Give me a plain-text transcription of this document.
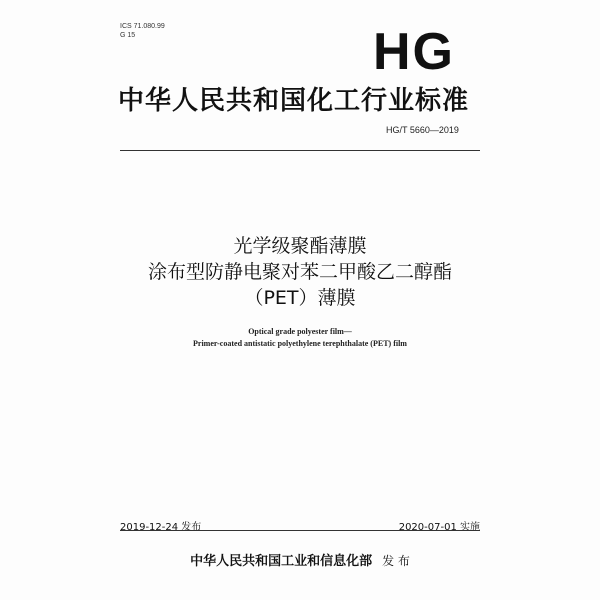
ICS 71.080.99
G 15	HG
中华人民共和国化工行业标准
HG/T 5660—2019
光学级聚酯薄膜
涂布型防静电聚对苯二甲酸乙二醇酯
（PET）薄膜
Optical grade polyester film—
Primer-coated antistatic polyethylene terephthalate (PET) film
2019-12-24 发布	2020-07-01 实施
中华人民共和国工业和信息化部 发 布
